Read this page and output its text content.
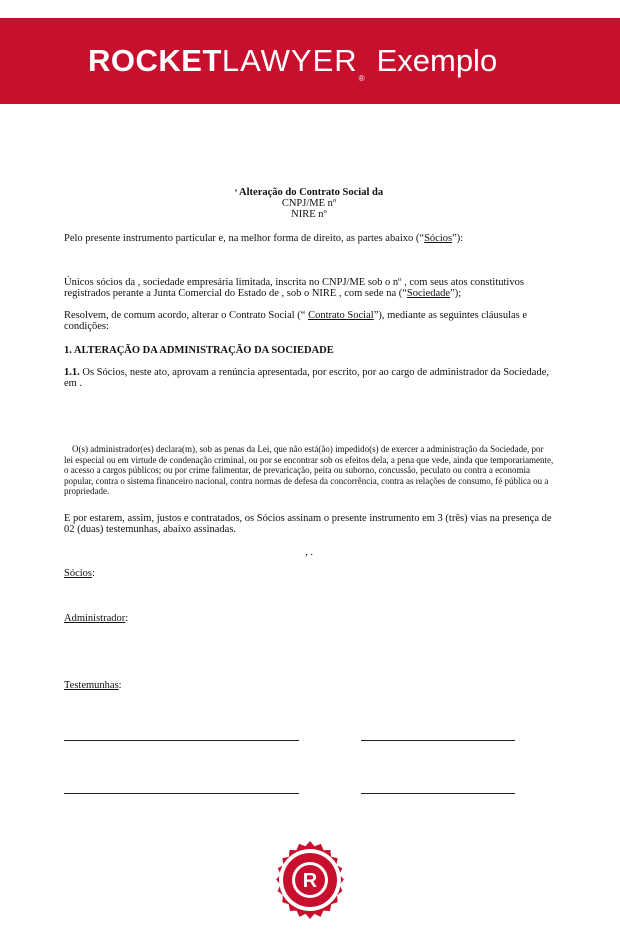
ROCKETLAWYER®Exemplo
$^ª$ Alteração do Contrato Social da
CNPJ/ME nº
NIRE nº
Pelo presente instrumento particular e, na melhor forma de direito, as partes abaixo (“Sócios”):
Únicos sócios da , sociedade empresária limitada, inscrita no CNPJ/ME sob o nº , com seus atos constitutivos registrados perante a Junta Comercial do Estado de , sob o NIRE , com sede na (“Sociedade”);
Resolvem, de comum acordo, alterar o Contrato Social (“ Contrato Social”), mediante as seguintes cláusulas e condições:
1. ALTERAÇÃO DA ADMINISTRAÇÃO DA SOCIEDADE
1.1. Os Sócios, neste ato, aprovam a renúncia apresentada, por escrito, por ao cargo de administrador da Sociedade, em .
O(s) administrador(es) declara(m), sob as penas da Lei, que não está(ão) impedido(s) de exercer a administração da Sociedade, por lei especial ou em virtude de condenação criminal, ou por se encontrar sob os efeitos dela, a pena que vede, ainda que temporariamente, o acesso a cargos públicos; ou por crime falimentar, de prevaricação, peita ou suborno, concussão, peculato ou contra a economia popular, contra o sistema financeiro nacional, contra normas de defesa da concorrência, contra as relações de consumo, fé pública ou a propriedade.
E por estarem, assim, justos e contratados, os Sócios assinam o presente instrumento em 3 (três) vias na presença de 02 (duas) testemunhas, abaixo assinadas.
, .
Sócios:
Administrador:
Testemunhas:
R
